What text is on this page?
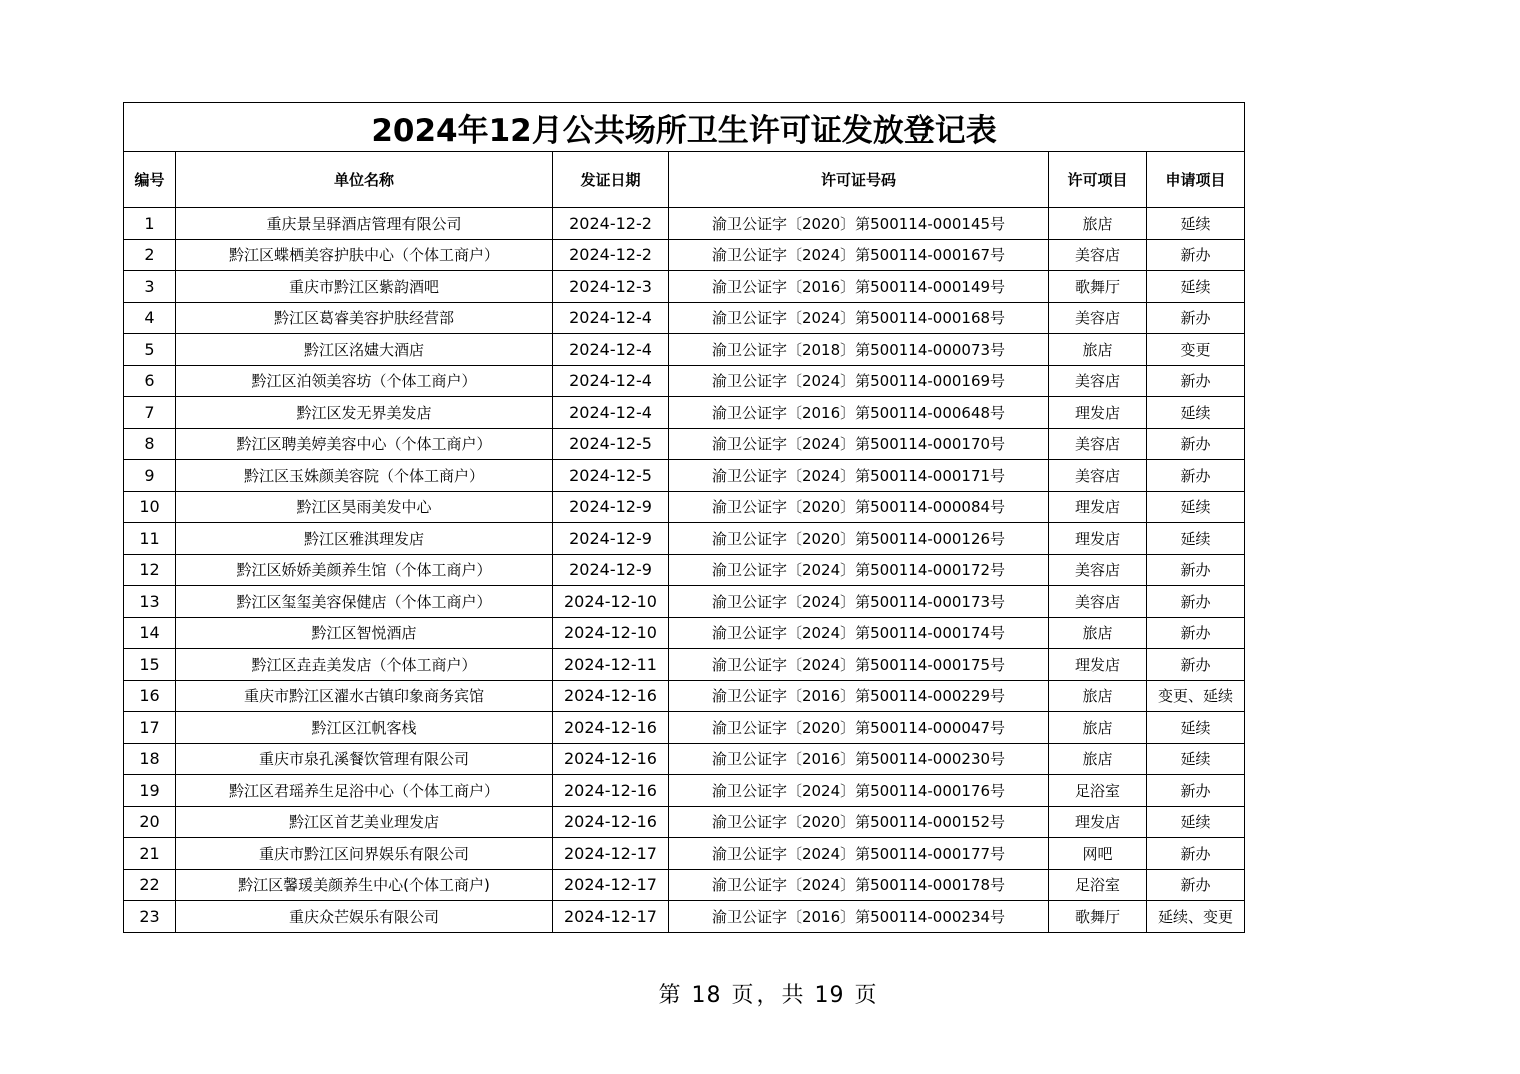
2024年12月公共场所卫生许可证发放登记表					
编号	单位名称	发证日期	许可证号码	许可项目	申请项目
1	重庆景呈驿酒店管理有限公司	2024-12-2	渝卫公证字〔2020〕第500114-000145号	旅店	延续
2	黔江区蝶栖美容护肤中心（个体工商户）	2024-12-2	渝卫公证字〔2024〕第500114-000167号	美容店	新办
3	重庆市黔江区紫韵酒吧	2024-12-3	渝卫公证字〔2016〕第500114-000149号	歌舞厅	延续
4	黔江区葛睿美容护肤经营部	2024-12-4	渝卫公证字〔2024〕第500114-000168号	美容店	新办
5	黔江区洺嫿大酒店	2024-12-4	渝卫公证字〔2018〕第500114-000073号	旅店	变更
6	黔江区泊领美容坊（个体工商户）	2024-12-4	渝卫公证字〔2024〕第500114-000169号	美容店	新办
7	黔江区发无界美发店	2024-12-4	渝卫公证字〔2016〕第500114-000648号	理发店	延续
8	黔江区聘美婷美容中心（个体工商户）	2024-12-5	渝卫公证字〔2024〕第500114-000170号	美容店	新办
9	黔江区玉姝颜美容院（个体工商户）	2024-12-5	渝卫公证字〔2024〕第500114-000171号	美容店	新办
10	黔江区昊雨美发中心	2024-12-9	渝卫公证字〔2020〕第500114-000084号	理发店	延续
11	黔江区雅淇理发店	2024-12-9	渝卫公证字〔2020〕第500114-000126号	理发店	延续
12	黔江区娇娇美颜养生馆（个体工商户）	2024-12-9	渝卫公证字〔2024〕第500114-000172号	美容店	新办
13	黔江区玺玺美容保健店（个体工商户）	2024-12-10	渝卫公证字〔2024〕第500114-000173号	美容店	新办
14	黔江区智悦酒店	2024-12-10	渝卫公证字〔2024〕第500114-000174号	旅店	新办
15	黔江区垚垚美发店（个体工商户）	2024-12-11	渝卫公证字〔2024〕第500114-000175号	理发店	新办
16	重庆市黔江区濯水古镇印象商务宾馆	2024-12-16	渝卫公证字〔2016〕第500114-000229号	旅店	变更、延续
17	黔江区江帆客栈	2024-12-16	渝卫公证字〔2020〕第500114-000047号	旅店	延续
18	重庆市泉孔溪餐饮管理有限公司	2024-12-16	渝卫公证字〔2016〕第500114-000230号	旅店	延续
19	黔江区君瑶养生足浴中心（个体工商户）	2024-12-16	渝卫公证字〔2024〕第500114-000176号	足浴室	新办
20	黔江区首艺美业理发店	2024-12-16	渝卫公证字〔2020〕第500114-000152号	理发店	延续
21	重庆市黔江区问界娱乐有限公司	2024-12-17	渝卫公证字〔2024〕第500114-000177号	网吧	新办
22	黔江区馨瑗美颜养生中心(个体工商户)	2024-12-17	渝卫公证字〔2024〕第500114-000178号	足浴室	新办
23	重庆众芒娱乐有限公司	2024-12-17	渝卫公证字〔2016〕第500114-000234号	歌舞厅	延续、变更
第 18 页，共 19 页
